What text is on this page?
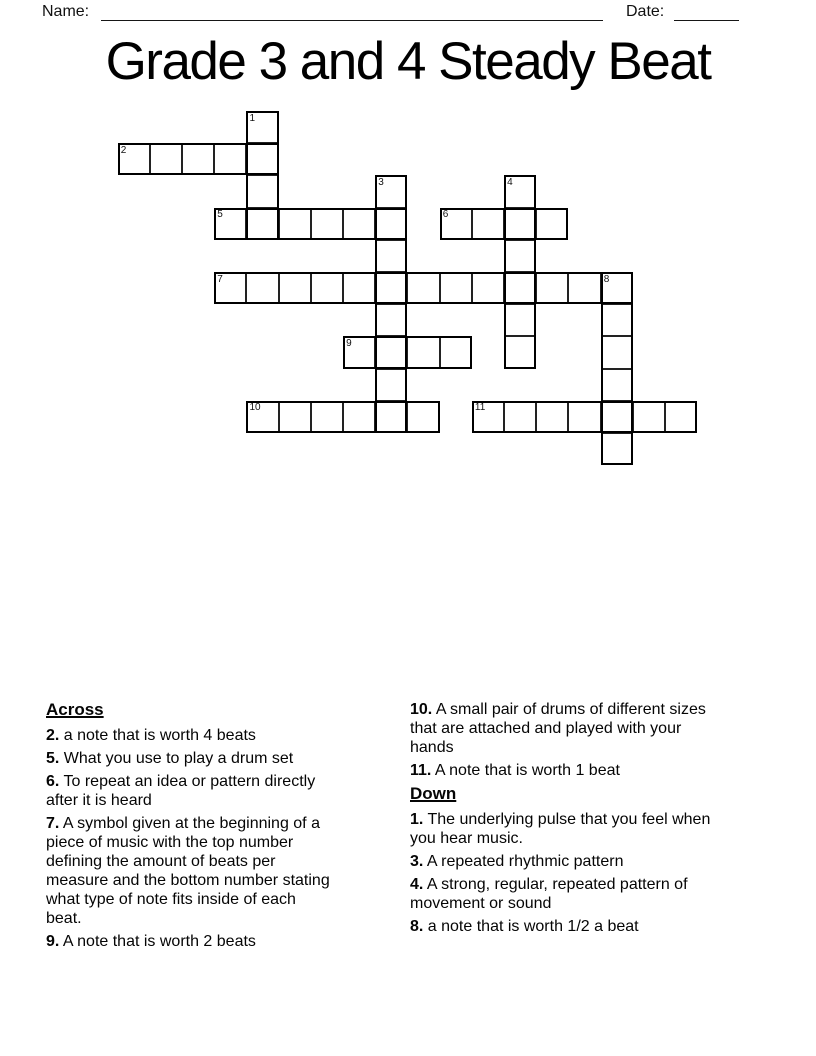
Name:	Date:
Grade 3 and 4 Steady Beat
1
2
3	4
5	6
7	8
9
10	11
Across
2. a note that is worth 4 beats
5. What you use to play a drum set
6. To repeat an idea or pattern directly after it is heard
7. A symbol given at the beginning of a piece of music with the top number defining the amount of beats per measure and the bottom number stating what type of note fits inside of each beat.
9. A note that is worth 2 beats
10. A small pair of drums of different sizes that are attached and played with your hands
11. A note that is worth 1 beat
Down
1. The underlying pulse that you feel when you hear music.
3. A repeated rhythmic pattern
4. A strong, regular, repeated pattern of movement or sound
8. a note that is worth 1/2 a beat
